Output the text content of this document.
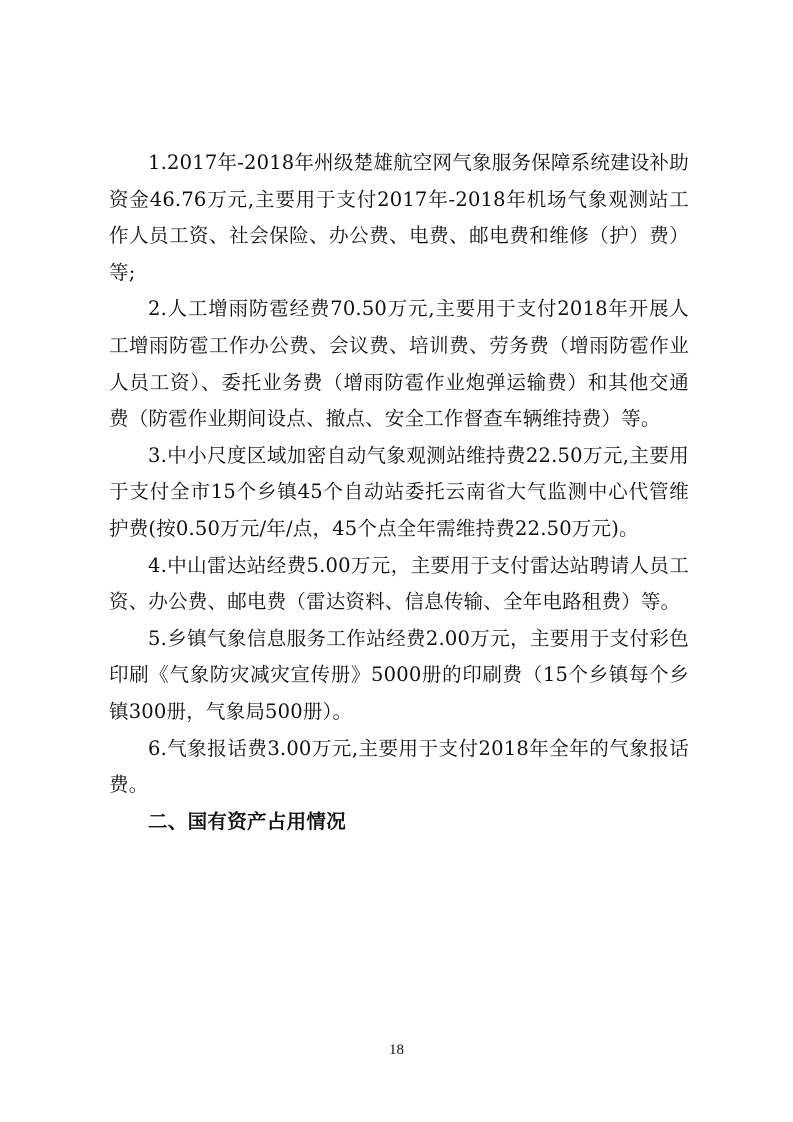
1.2017年-2018年州级楚雄航空网气象服务保障系统建设补助资金46.76万元,主要用于支付2017年-2018年机场气象观测站工作人员工资、社会保险、办公费、电费、邮电费和维修（护）费）等;

2.人工增雨防雹经费70.50万元,主要用于支付2018年开展人工增雨防雹工作办公费、会议费、培训费、劳务费（增雨防雹作业人员工资）、委托业务费（增雨防雹作业炮弹运输费）和其他交通费（防雹作业期间设点、撤点、安全工作督查车辆维持费）等。

3.中小尺度区域加密自动气象观测站维持费22.50万元,主要用于支付全市15个乡镇45个自动站委托云南省大气监测中心代管维护费(按0.50万元/年/点，45个点全年需维持费22.50万元)。

4.中山雷达站经费5.00万元，主要用于支付雷达站聘请人员工资、办公费、邮电费（雷达资料、信息传输、全年电路租费）等。

5.乡镇气象信息服务工作站经费2.00万元，主要用于支付彩色印刷《气象防灾减灾宣传册》5000册的印刷费（15个乡镇每个乡镇300册，气象局500册）。

6.气象报话费3.00万元,主要用于支付2018年全年的气象报话费。

二、国有资产占用情况

18
